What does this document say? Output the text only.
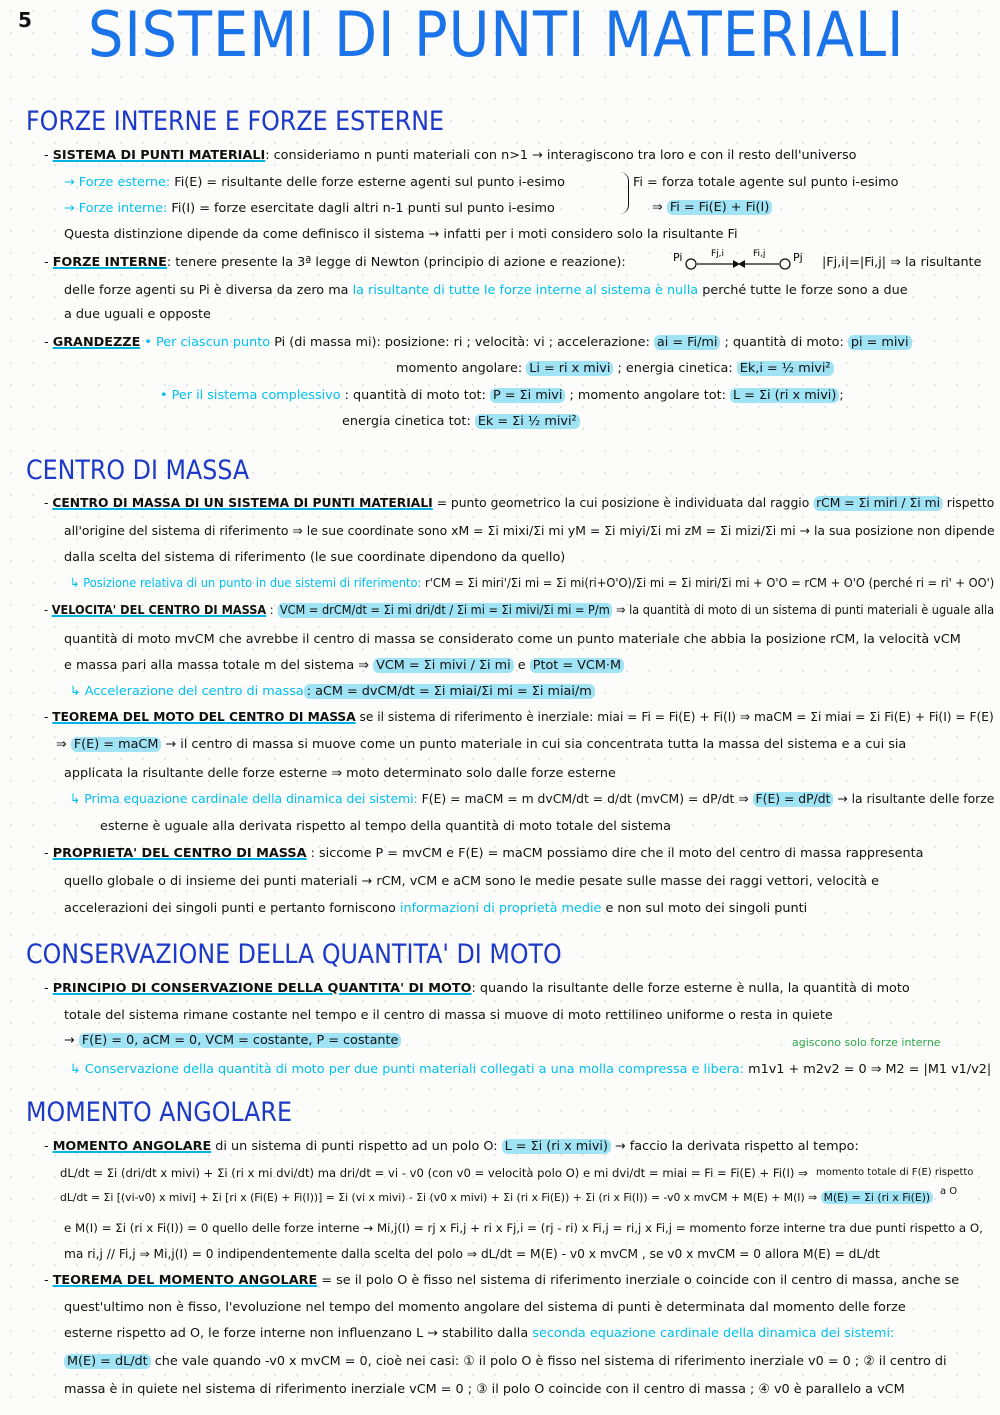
5 SISTEMI DI PUNTI MATERIALI
FORZE INTERNE E FORZE ESTERNE
- SISTEMA DI PUNTI MATERIALI: consideriamo n punti materiali con n>1 → interagiscono tra loro e con il resto dell'universo
→ Forze esterne: Fi(E) = risultante delle forze esterne agenti sul punto i-esimo	Fi = forza totale agente sul punto i-esimo
→ Forze interne: Fi(I) = forze esercitate dagli altri n-1 punti sul punto i-esimo	⇒ Fi = Fi(E) + Fi(I)
Questa distinzione dipende da come definisco il sistema → infatti per i moti considero solo la risultante Fi
- FORZE INTERNE: tenere presente la 3ª legge di Newton (principio di azione e reazione):	Pi	Fj,i	Fi,j	Pj |Fj,i|=|Fi,j| ⇒ la risultante
delle forze agenti su Pi è diversa da zero ma la risultante di tutte le forze interne al sistema è nulla perché tutte le forze sono a due
a due uguali e opposte
- GRANDEZZE • Per ciascun punto Pi (di massa mi): posizione: ri ; velocità: vi ; accelerazione: ai = Fi/mi ; quantità di moto: pi = mivi
momento angolare: Li = ri x mivi ; energia cinetica: Ek,i = ½ mivi²
• Per il sistema complessivo : quantità di moto tot: P = Σi mivi ; momento angolare tot: L = Σi (ri x mivi) ;
energia cinetica tot: Ek = Σi ½ mivi²
CENTRO DI MASSA
- CENTRO DI MASSA DI UN SISTEMA DI PUNTI MATERIALI = punto geometrico la cui posizione è individuata dal raggio rCM = Σi miri / Σi mi rispetto
all'origine del sistema di riferimento ⇒ le sue coordinate sono xM = Σi mixi/Σi mi yM = Σi miyi/Σi mi zM = Σi mizi/Σi mi → la sua posizione non dipende
dalla scelta del sistema di riferimento (le sue coordinate dipendono da quello)
↳ Posizione relativa di un punto in due sistemi di riferimento: r'CM = Σi miri'/Σi mi = Σi mi(ri+O'O)/Σi mi = Σi miri/Σi mi + O'O = rCM + O'O (perché ri = ri' + OO')
- VELOCITA' DEL CENTRO DI MASSA : VCM = drCM/dt = Σi mi dri/dt / Σi mi = Σi mivi/Σi mi = P/m ⇒ la quantità di moto di un sistema di punti materiali è uguale alla
quantità di moto mvCM che avrebbe il centro di massa se considerato come un punto materiale che abbia la posizione rCM, la velocità vCM
e massa pari alla massa totale m del sistema ⇒ VCM = Σi mivi / Σi mi e Ptot = VCM·M
↳ Accelerazione del centro di massa : aCM = dvCM/dt = Σi miai/Σi mi = Σi miai/m
- TEOREMA DEL MOTO DEL CENTRO DI MASSA se il sistema di riferimento è inerziale: miai = Fi = Fi(E) + Fi(I) ⇒ maCM = Σi miai = Σi Fi(E) + Fi(I) = F(E)
⇒ F(E) = maCM → il centro di massa si muove come un punto materiale in cui sia concentrata tutta la massa del sistema e a cui sia
applicata la risultante delle forze esterne ⇒ moto determinato solo dalle forze esterne
↳ Prima equazione cardinale della dinamica dei sistemi: F(E) = maCM = m dvCM/dt = d/dt (mvCM) = dP/dt ⇒ F(E) = dP/dt → la risultante delle forze
esterne è uguale alla derivata rispetto al tempo della quantità di moto totale del sistema
- PROPRIETA' DEL CENTRO DI MASSA : siccome P = mvCM e F(E) = maCM possiamo dire che il moto del centro di massa rappresenta
quello globale o di insieme dei punti materiali → rCM, vCM e aCM sono le medie pesate sulle masse dei raggi vettori, velocità e
accelerazioni dei singoli punti e pertanto forniscono informazioni di proprietà medie e non sul moto dei singoli punti
CONSERVAZIONE DELLA QUANTITA' DI MOTO
- PRINCIPIO DI CONSERVAZIONE DELLA QUANTITA' DI MOTO: quando la risultante delle forze esterne è nulla, la quantità di moto
totale del sistema rimane costante nel tempo e il centro di massa si muove di moto rettilineo uniforme o resta in quiete
→ F(E) = 0, aCM = 0, VCM = costante, P = costante	agiscono solo forze interne
↳ Conservazione della quantità di moto per due punti materiali collegati a una molla compressa e libera: m1v1 + m2v2 = 0 ⇒ M2 = |M1 v1/v2|
MOMENTO ANGOLARE
- MOMENTO ANGOLARE di un sistema di punti rispetto ad un polo O: L = Σi (ri x mivi) → faccio la derivata rispetto al tempo:
dL/dt = Σi (dri/dt x mivi) + Σi (ri x mi dvi/dt) ma dri/dt = vi - v0 (con v0 = velocità polo O) e mi dvi/dt = miai = Fi = Fi(E) + Fi(I) ⇒ momento totale di F(E) rispetto
dL/dt = Σi [(vi-v0) x mivi] + Σi [ri x (Fi(E) + Fi(I))] = Σi (vi x mivi) - Σi (v0 x mivi) + Σi (ri x Fi(E)) + Σi (ri x Fi(I)) = -v0 x mvCM + M(E) + M(I) ⇒ M(E) = Σi (ri x Fi(E)) a O
e M(I) = Σi (ri x Fi(I)) = 0 quello delle forze interne → Mi,j(I) = rj x Fi,j + ri x Fj,i = (rj - ri) x Fi,j = ri,j x Fi,j = momento forze interne tra due punti rispetto a O,
ma ri,j // Fi,j ⇒ Mi,j(I) = 0 indipendentemente dalla scelta del polo ⇒ dL/dt = M(E) - v0 x mvCM , se v0 x mvCM = 0 allora M(E) = dL/dt
- TEOREMA DEL MOMENTO ANGOLARE = se il polo O è fisso nel sistema di riferimento inerziale o coincide con il centro di massa, anche se
quest'ultimo non è fisso, l'evoluzione nel tempo del momento angolare del sistema di punti è determinata dal momento delle forze
esterne rispetto ad O, le forze interne non influenzano L → stabilito dalla seconda equazione cardinale della dinamica dei sistemi:
M(E) = dL/dt che vale quando -v0 x mvCM = 0, cioè nei casi: ① il polo O è fisso nel sistema di riferimento inerziale v0 = 0 ; ② il centro di
massa è in quiete nel sistema di riferimento inerziale vCM = 0 ; ③ il polo O coincide con il centro di massa ; ④ v0 è parallelo a vCM
